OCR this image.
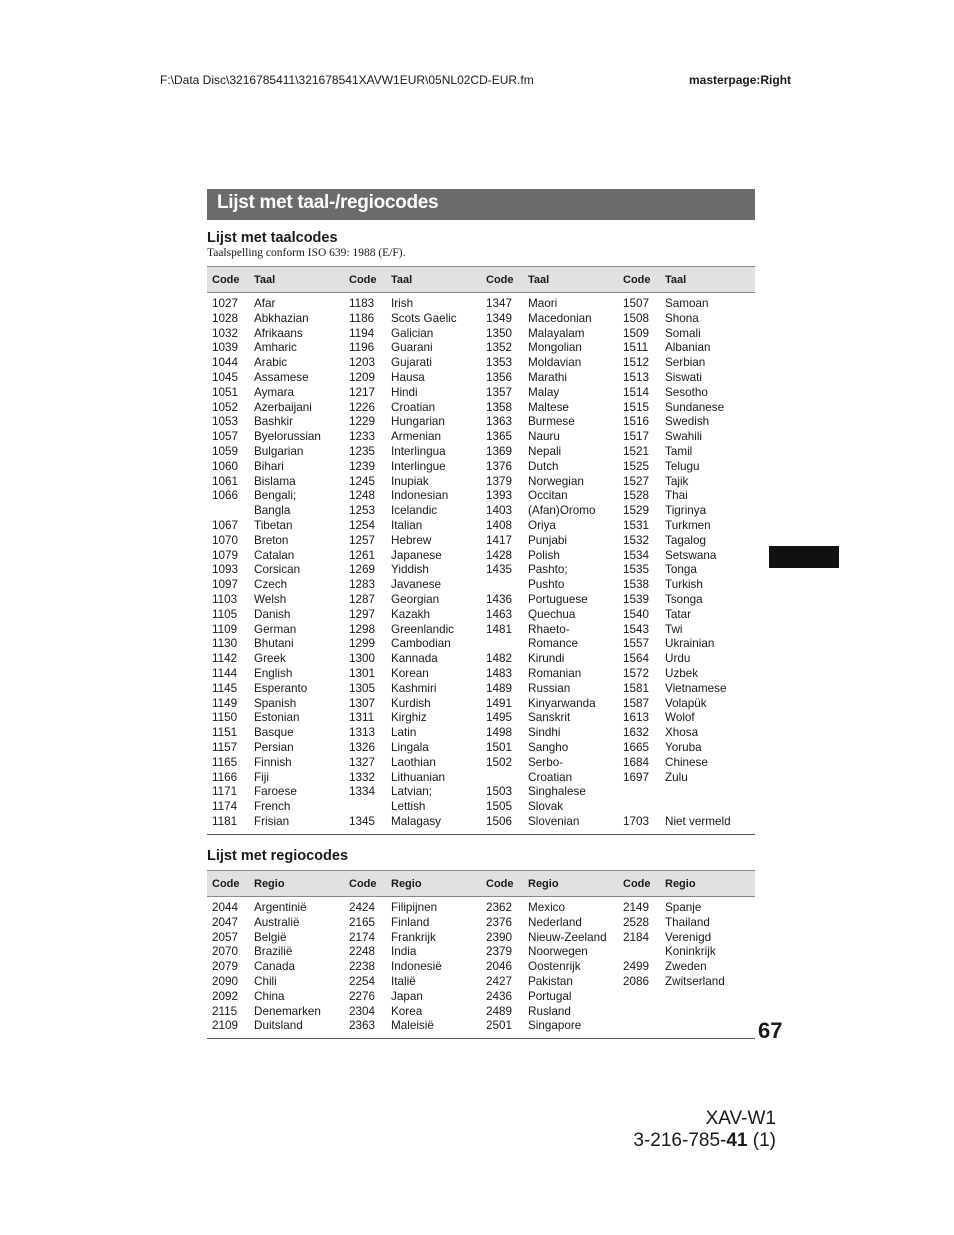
F:\Data Disc\3216785411\321678541XAVW1EUR\05NL02CD-EUR.fm	masterpage:Right
Lijst met taal-/regiocodes
Lijst met taalcodes
Taalspelling conform ISO 639: 1988 (E/F).
Code	Taal	Code	Taal	Code	Taal	Code	Taal
1027	Afar	1183	Irish	1347	Maori	1507	Samoan
1028	Abkhazian	1186	Scots Gaelic	1349	Macedonian	1508	Shona
1032	Afrikaans	1194	Galician	1350	Malayalam	1509	Somali
1039	Amharic	1196	Guarani	1352	Mongolian	1511	Albanian
1044	Arabic	1203	Gujarati	1353	Moldavian	1512	Serbian
1045	Assamese	1209	Hausa	1356	Marathi	1513	Siswati
1051	Aymara	1217	Hindi	1357	Malay	1514	Sesotho
1052	Azerbaijani	1226	Croatian	1358	Maltese	1515	Sundanese
1053	Bashkir	1229	Hungarian	1363	Burmese	1516	Swedish
1057	Byelorussian	1233	Armenian	1365	Nauru	1517	Swahili
1059	Bulgarian	1235	Interlingua	1369	Nepali	1521	Tamil
1060	Bihari	1239	Interlingue	1376	Dutch	1525	Telugu
1061	Bislama	1245	Inupiak	1379	Norwegian	1527	Tajik
1066	Bengali;	1248	Indonesian	1393	Occitan	1528	Thai
	Bangla	1253	Icelandic	1403	(Afan)Oromo	1529	Tigrinya
1067	Tibetan	1254	Italian	1408	Oriya	1531	Turkmen
1070	Breton	1257	Hebrew	1417	Punjabi	1532	Tagalog
1079	Catalan	1261	Japanese	1428	Polish	1534	Setswana
1093	Corsican	1269	Yiddish	1435	Pashto;	1535	Tonga
1097	Czech	1283	Javanese		Pushto	1538	Turkish
1103	Welsh	1287	Georgian	1436	Portuguese	1539	Tsonga
1105	Danish	1297	Kazakh	1463	Quechua	1540	Tatar
1109	German	1298	Greenlandic	1481	Rhaeto-	1543	Twi
1130	Bhutani	1299	Cambodian		Romance	1557	Ukrainian
1142	Greek	1300	Kannada	1482	Kirundi	1564	Urdu
1144	English	1301	Korean	1483	Romanian	1572	Uzbek
1145	Esperanto	1305	Kashmiri	1489	Russian	1581	Vietnamese
1149	Spanish	1307	Kurdish	1491	Kinyarwanda	1587	Volapük
1150	Estonian	1311	Kirghiz	1495	Sanskrit	1613	Wolof
1151	Basque	1313	Latin	1498	Sindhi	1632	Xhosa
1157	Persian	1326	Lingala	1501	Sangho	1665	Yoruba
1165	Finnish	1327	Laothian	1502	Serbo-	1684	Chinese
1166	Fiji	1332	Lithuanian		Croatian	1697	Zulu
1171	Faroese	1334	Latvian;	1503	Singhalese		
1174	French		Lettish	1505	Slovak		
1181	Frisian	1345	Malagasy	1506	Slovenian	1703	Niet vermeld
Lijst met regiocodes
Code	Regio	Code	Regio	Code	Regio	Code	Regio
2044	Argentinië	2424	Filipijnen	2362	Mexico	2149	Spanje
2047	Australië	2165	Finland	2376	Nederland	2528	Thailand
2057	België	2174	Frankrijk	2390	Nieuw-Zeeland	2184	Verenigd
2070	Brazilië	2248	India	2379	Noorwegen		Koninkrijk
2079	Canada	2238	Indonesië	2046	Oostenrijk	2499	Zweden
2090	Chili	2254	Italië	2427	Pakistan	2086	Zwitserland
2092	China	2276	Japan	2436	Portugal		
2115	Denemarken	2304	Korea	2489	Rusland		
2109	Duitsland	2363	Maleisië	2501	Singapore			67
XAV-W1
3-216-785-41 (1)
